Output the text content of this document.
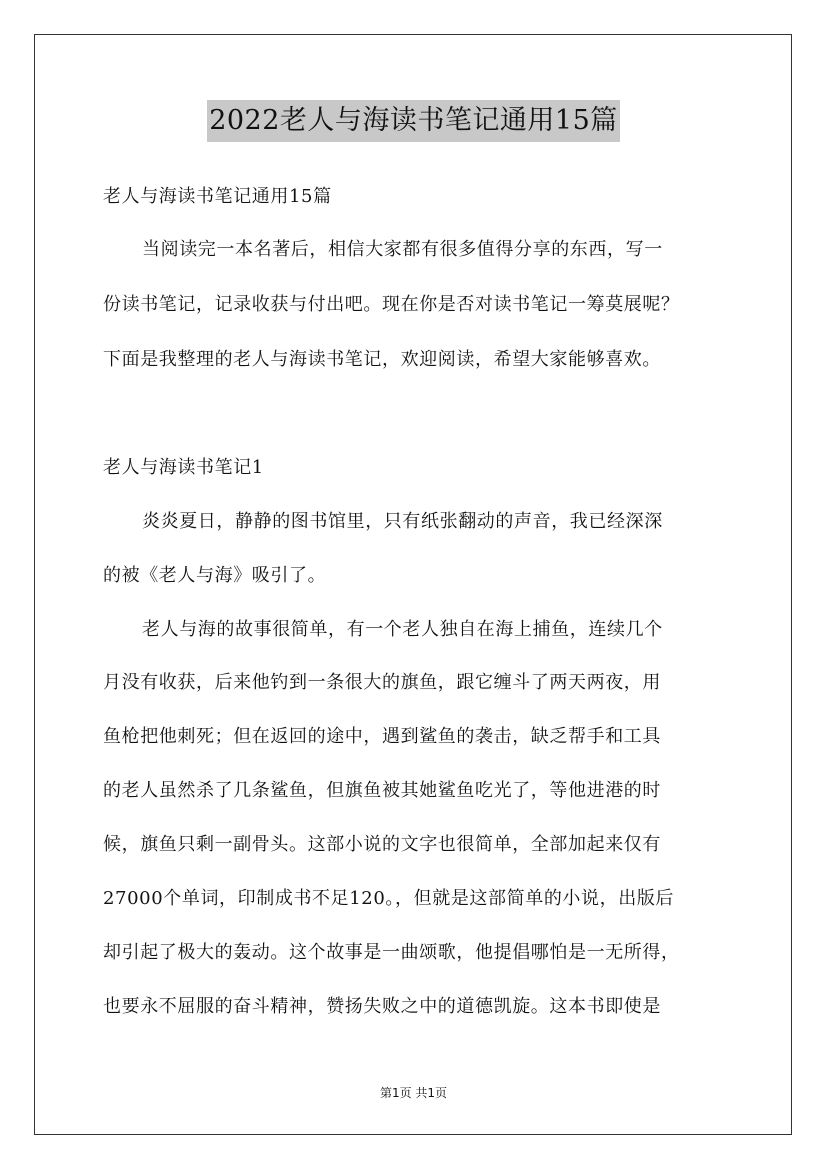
2022老人与海读书笔记通用15篇
老人与海读书笔记通用15篇
当阅读完一本名著后，相信大家都有很多值得分享的东西，写一
份读书笔记，记录收获与付出吧。现在你是否对读书笔记一筹莫展呢？
下面是我整理的老人与海读书笔记，欢迎阅读，希望大家能够喜欢。
老人与海读书笔记1
炎炎夏日，静静的图书馆里，只有纸张翻动的声音，我已经深深
的被《老人与海》吸引了。
老人与海的故事很简单，有一个老人独自在海上捕鱼，连续几个
月没有收获，后来他钓到一条很大的旗鱼，跟它缠斗了两天两夜，用
鱼枪把他刺死；但在返回的途中，遇到鲨鱼的袭击，缺乏帮手和工具
的老人虽然杀了几条鲨鱼，但旗鱼被其她鲨鱼吃光了，等他进港的时
候，旗鱼只剩一副骨头。这部小说的文字也很简单，全部加起来仅有
27000个单词，印制成书不足120。，但就是这部简单的小说，出版后
却引起了极大的轰动。这个故事是一曲颂歌，他提倡哪怕是一无所得，
也要永不屈服的奋斗精神，赞扬失败之中的道德凯旋。这本书即使是
第1页 共1页
